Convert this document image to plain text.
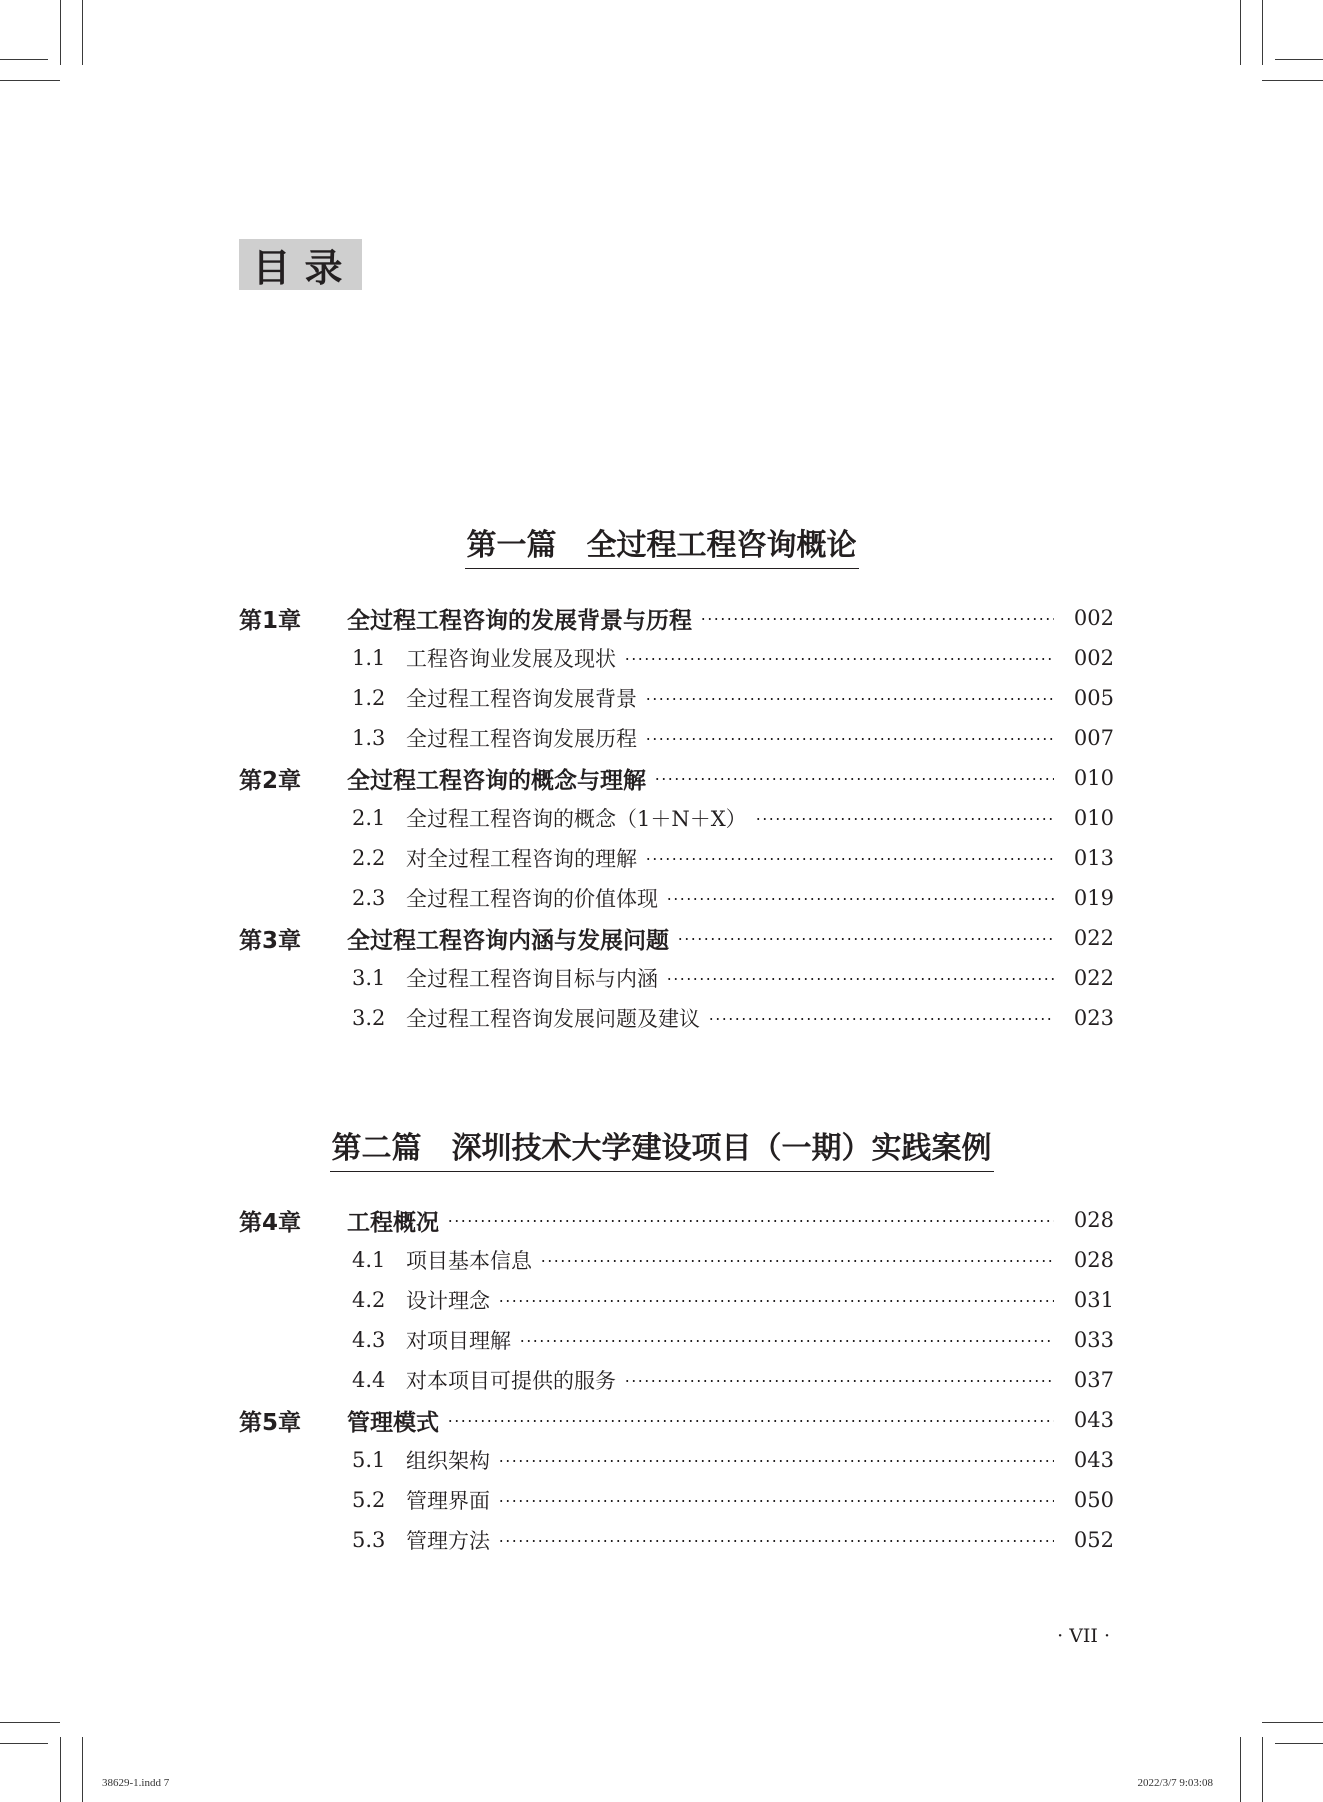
目录
第一篇 全过程工程咨询概论
第1章	全过程工程咨询的发展背景与历程	002
1.1 工程咨询业发展及现状	002
1.2 全过程工程咨询发展背景	005
1.3 全过程工程咨询发展历程	007
第2章	全过程工程咨询的概念与理解	010
2.1 全过程工程咨询的概念（1＋N＋X）	010
2.2 对全过程工程咨询的理解	013
2.3 全过程工程咨询的价值体现	019
第3章	全过程工程咨询内涵与发展问题	022
3.1 全过程工程咨询目标与内涵	022
3.2 全过程工程咨询发展问题及建议	023
第二篇 深圳技术大学建设项目（一期）实践案例
第4章	工程概况	028
4.1 项目基本信息	028
4.2 设计理念	031
4.3 对项目理解	033
4.4 对本项目可提供的服务	037
第5章	管理模式	043
5.1 组织架构	043
5.2 管理界面	050
5.3 管理方法	052
· VII ·
38629-1.indd 7	2022/3/7 9:03:08
